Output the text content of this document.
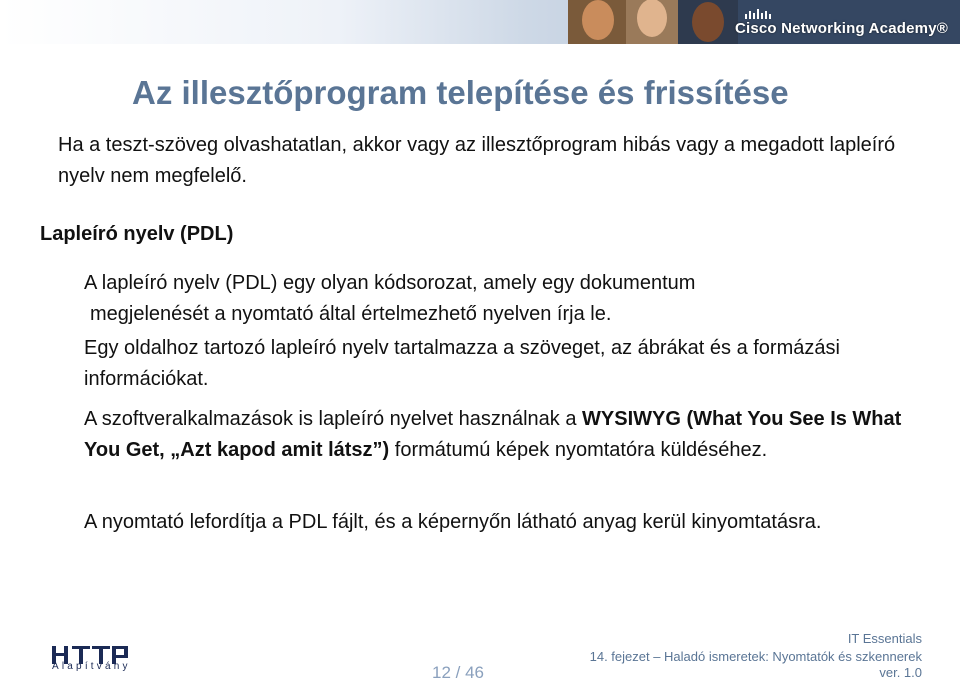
Cisco Networking Academy®
Az illesztőprogram telepítése és frissítése

Ha a teszt-szöveg olvashatatlan, akkor vagy az illesztőprogram hibás vagy a megadott lapleíró nyelv nem megfelelő.

Lapleíró nyelv (PDL)

A lapleíró nyelv (PDL) egy olyan kódsorozat, amely egy dokumentum
megjelenését a nyomtató által értelmezhető nyelven írja le.

Egy oldalhoz tartozó lapleíró nyelv tartalmazza a szöveget, az ábrákat és a formázási információkat.

A szoftveralkalmazások is lapleíró nyelvet használnak a WYSIWYG (What You See Is What You Get, „Azt kapod amit látsz”) formátumú képek nyomtatóra küldéséhez.

A nyomtató lefordítja a PDL fájlt, és a képernyőn látható anyag kerül kinyomtatásra.

Alapítvány	12 / 46
IT Essentials
14. fejezet – Haladó ismeretek: Nyomtatók és szkennerek
ver. 1.0
